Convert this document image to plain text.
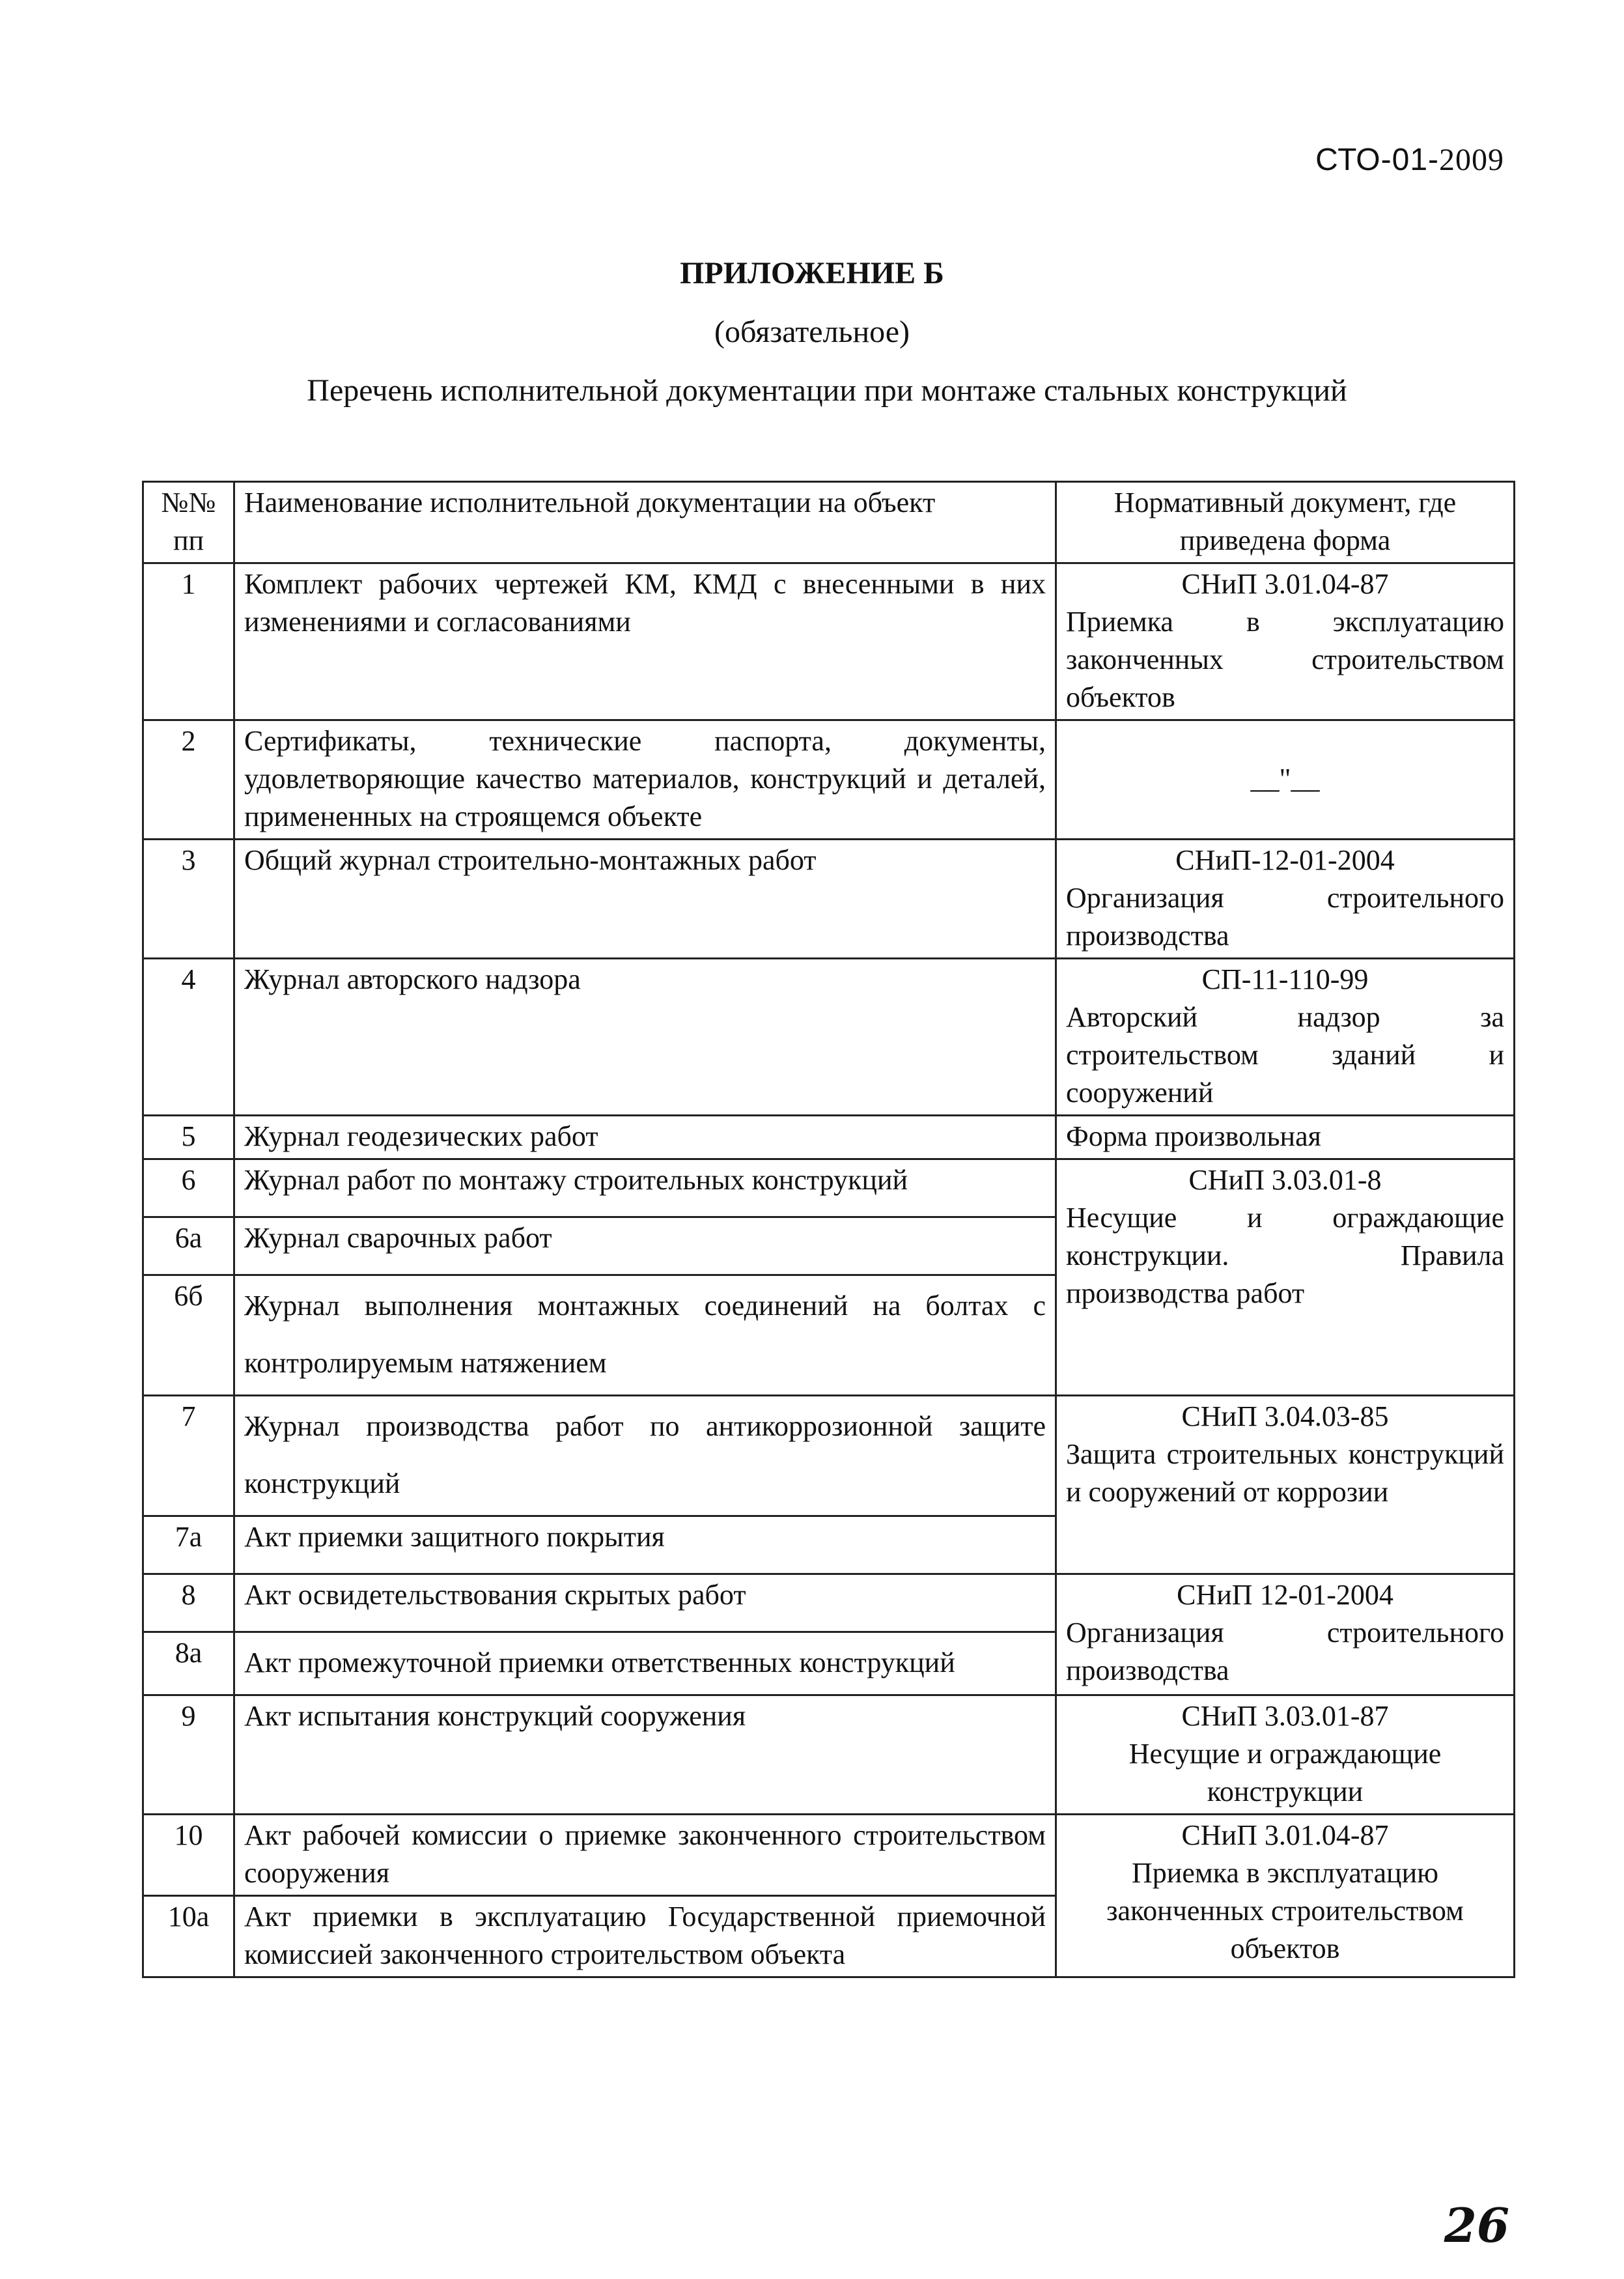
СТО-01-2009
ПРИЛОЖЕНИЕ Б
(обязательное)
Перечень исполнительной документации при монтаже стальных конструкций
№№ пп	Наименование исполнительной документации на объект	Нормативный документ, где приведена форма
1	Комплект рабочих чертежей КМ, КМД с внесенными в них изменениями и согласованиями	СНиП 3.01.04-87
Приемка в эксплуатацию законченных строительством объектов

2	Сертификаты, технические паспорта, документы, удовлетворяющие качество материалов, конструкций и деталей, примененных на строящемся объекте	__"__
3	Общий журнал строительно-монтажных работ	СНиП-12-01-2004
Организация строительного производства

4	Журнал авторского надзора	СП-11-110-99
Авторский надзор за строительством зданий и сооружений

5	Журнал геодезических работ	Форма произвольная

6	Журнал работ по монтажу строительных конструкций	СНиП 3.03.01-8
Несущие и ограждающие конструкции. Правила производства работ

6а	Журнал сварочных работ	
6б	Журнал выполнения монтажных соединений на болтах с контролируемым натяжением	
7	Журнал производства работ по антикоррозионной защите конструкций	СНиП 3.04.03-85
Защита строительных конструкций и сооружений от коррозии

7а	Акт приемки защитного покрытия	
8	Акт освидетельствования скрытых работ	СНиП 12-01-2004
Организация строительного производства

8а	Акт промежуточной приемки ответственных конструкций	
9	Акт испытания конструкций сооружения	СНиП 3.03.01-87
Несущие и ограждающие конструкции

10	Акт рабочей комиссии о приемке законченного строительством сооружения	СНиП 3.01.04-87
Приемка в эксплуатацию законченных строительством объектов

10а	Акт приемки в эксплуатацию Государственной приемочной комиссией законченного строительством объекта	
26
